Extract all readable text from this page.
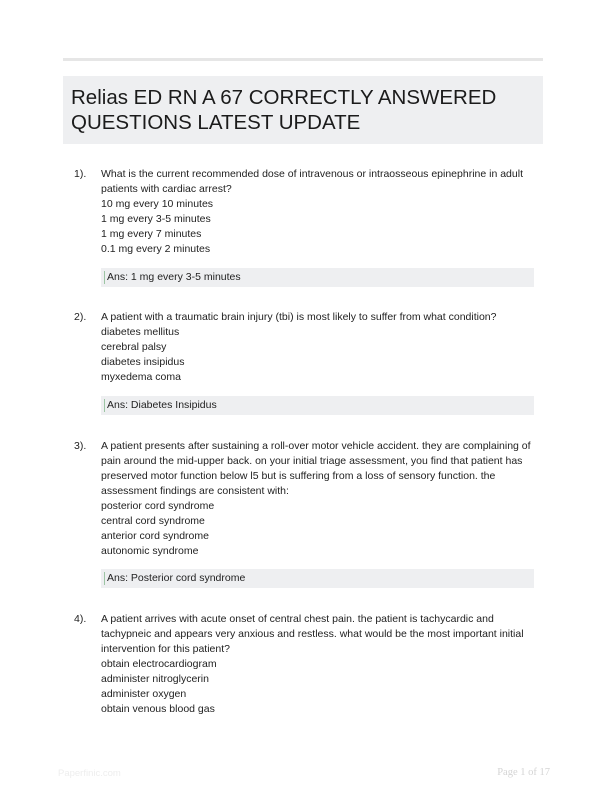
Relias ED RN A 67 CORRECTLY ANSWERED QUESTIONS LATEST UPDATE
1). What is the current recommended dose of intravenous or intraosseous epinephrine in adult patients with cardiac arrest?

10 mg every 10 minutes

1 mg every 3-5 minutes

1 mg every 7 minutes

0.1 mg every 2 minutes

Ans: 1 mg every 3-5 minutes
2). A patient with a traumatic brain injury (tbi) is most likely to suffer from what condition?

diabetes mellitus

cerebral palsy

diabetes insipidus

myxedema coma

Ans: Diabetes Insipidus
3). A patient presents after sustaining a roll-over motor vehicle accident. they are complaining of pain around the mid-upper back. on your initial triage assessment, you find that patient has preserved motor function below l5 but is suffering from a loss of sensory function. the assessment findings are consistent with:

posterior cord syndrome

central cord syndrome

anterior cord syndrome

autonomic syndrome

Ans: Posterior cord syndrome
4). A patient arrives with acute onset of central chest pain. the patient is tachycardic and tachypneic and appears very anxious and restless. what would be the most important initial intervention for this patient?

obtain electrocardiogram

administer nitroglycerin

administer oxygen

obtain venous blood gas

Paperfinic.com	Page 1 of 17
